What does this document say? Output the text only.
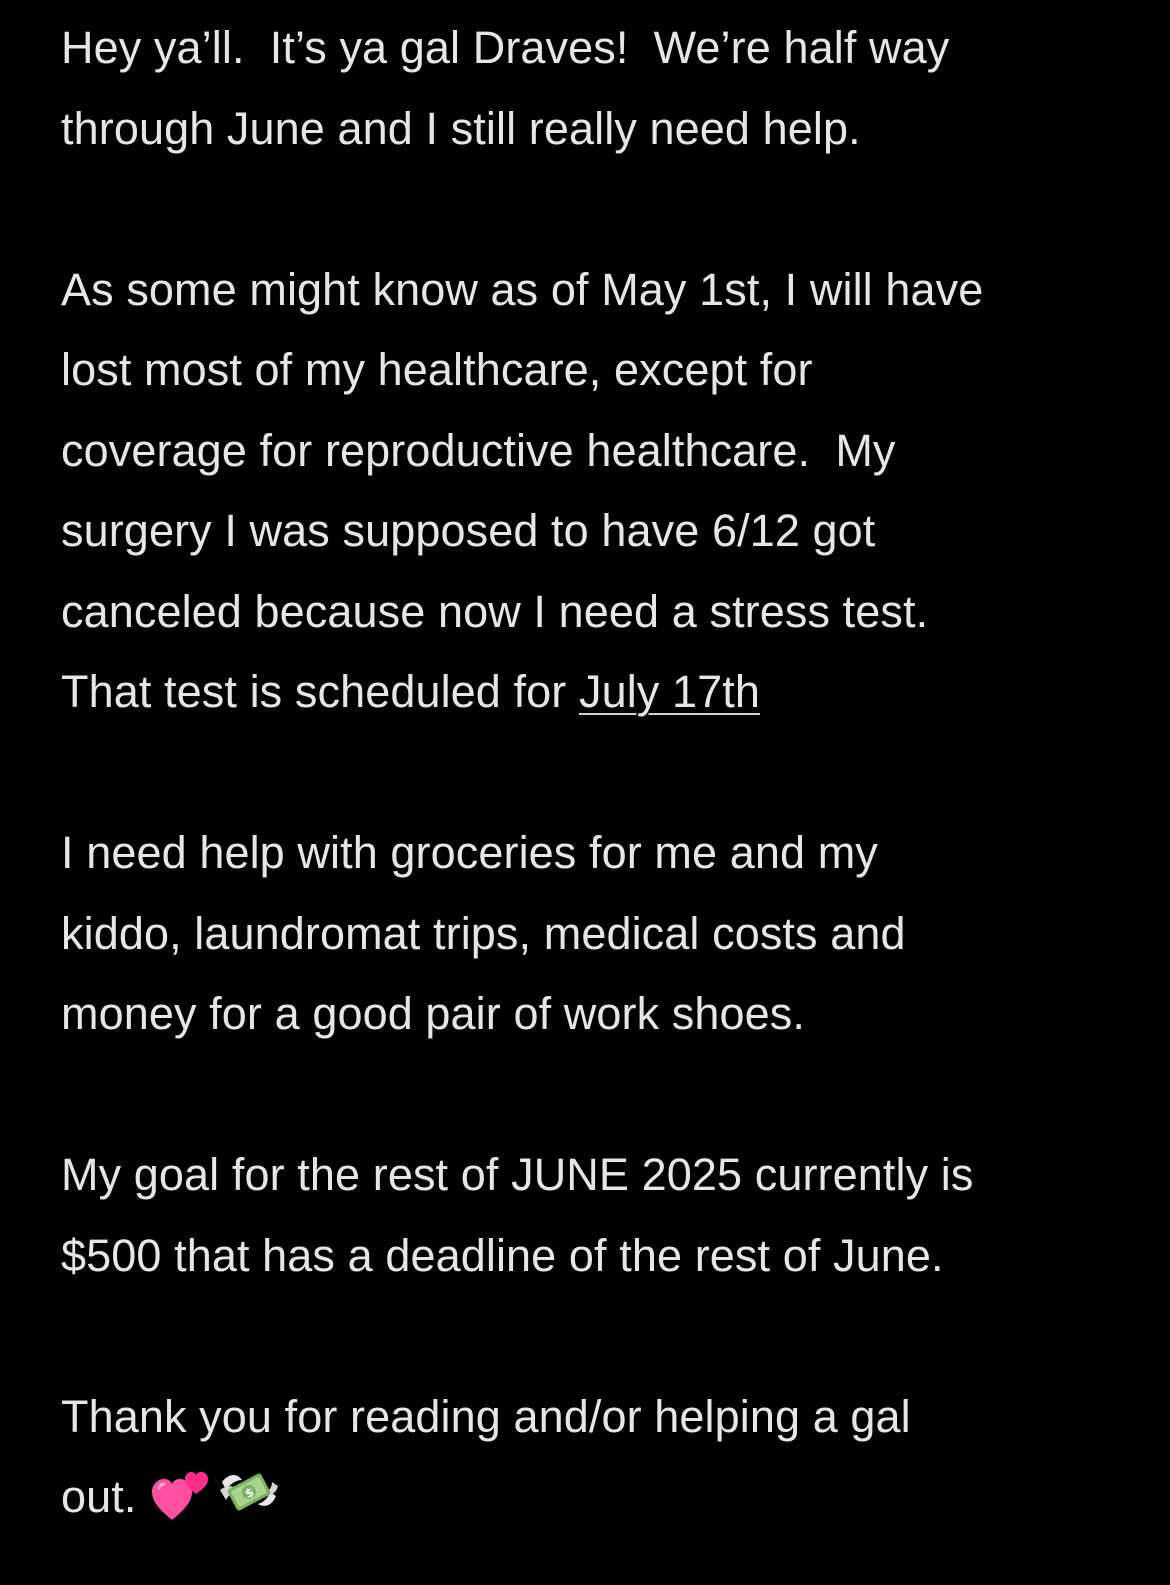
Hey ya’ll.  It’s ya gal Draves!  We’re half way
through June and I still really need help.
As some might know as of May 1st, I will have
lost most of my healthcare, except for
coverage for reproductive healthcare.  My
surgery I was supposed to have 6/12 got
canceled because now I need a stress test.
That test is scheduled for July 17th
I need help with groceries for me and my
kiddo, laundromat trips, medical costs and
money for a good pair of work shoes.
My goal for the rest of JUNE 2025 currently is
$500 that has a deadline of the rest of June.
Thank you for reading and/or helping a gal
out.	$
